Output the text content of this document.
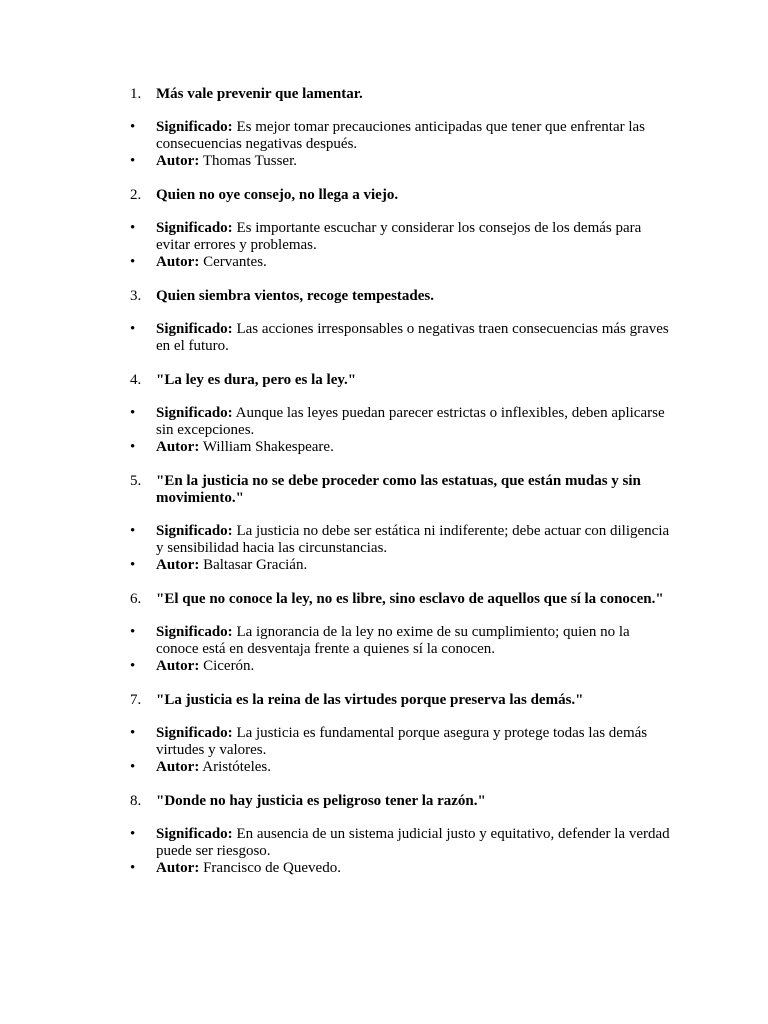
1. Más vale prevenir que lamentar.

• Significado: Es mejor tomar precauciones anticipadas que tener que enfrentar las consecuencias negativas después.
• Autor: Thomas Tusser.

2. Quien no oye consejo, no llega a viejo.

• Significado: Es importante escuchar y considerar los consejos de los demás para evitar errores y problemas.
• Autor: Cervantes.

3. Quien siembra vientos, recoge tempestades.

• Significado: Las acciones irresponsables o negativas traen consecuencias más graves en el futuro.

4. "La ley es dura, pero es la ley."

• Significado: Aunque las leyes puedan parecer estrictas o inflexibles, deben aplicarse sin excepciones.
• Autor: William Shakespeare.

5. "En la justicia no se debe proceder como las estatuas, que están mudas y sin movimiento."

• Significado: La justicia no debe ser estática ni indiferente; debe actuar con diligencia y sensibilidad hacia las circunstancias.
• Autor: Baltasar Gracián.

6. "El que no conoce la ley, no es libre, sino esclavo de aquellos que sí la conocen."

• Significado: La ignorancia de la ley no exime de su cumplimiento; quien no la conoce está en desventaja frente a quienes sí la conocen.
• Autor: Cicerón.

7. "La justicia es la reina de las virtudes porque preserva las demás."

• Significado: La justicia es fundamental porque asegura y protege todas las demás virtudes y valores.
• Autor: Aristóteles.

8. "Donde no hay justicia es peligroso tener la razón."

• Significado: En ausencia de un sistema judicial justo y equitativo, defender la verdad puede ser riesgoso.
• Autor: Francisco de Quevedo.
